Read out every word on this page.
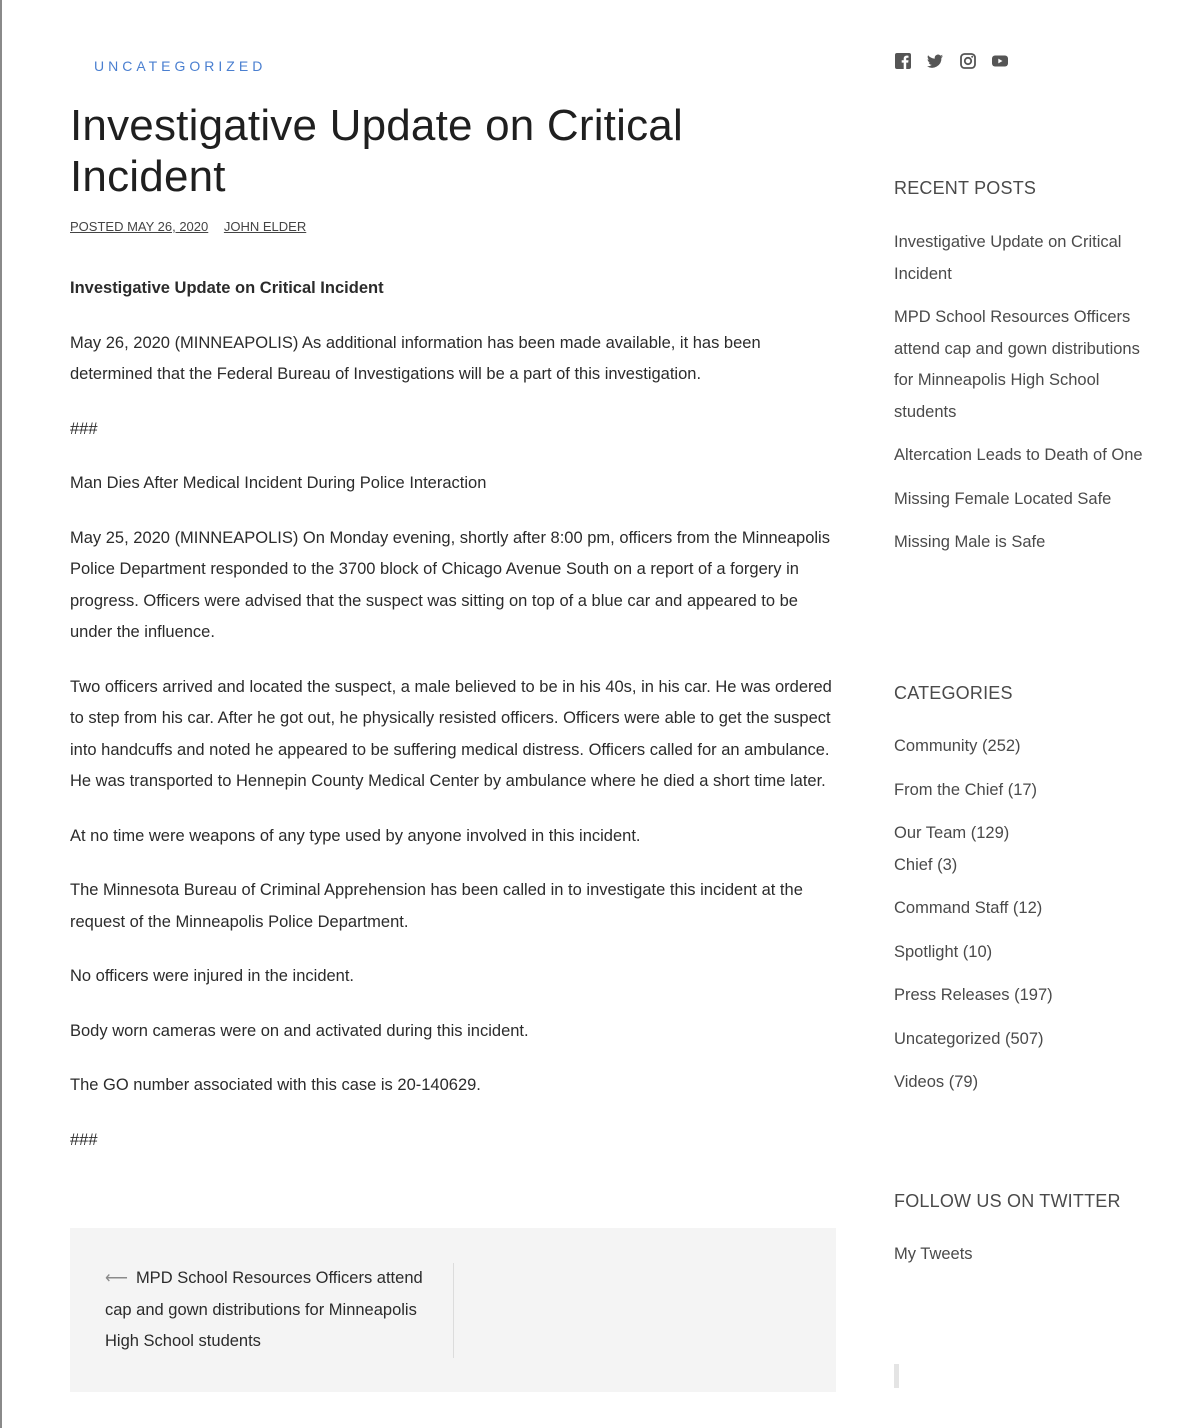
UNCATEGORIZED
Investigative Update on Critical Incident
POSTED MAY 26, 2020 JOHN ELDER

Investigative Update on Critical Incident

May 26, 2020 (MINNEAPOLIS) As additional information has been made available, it has been determined that the Federal Bureau of Investigations will be a part of this investigation.

###

Man Dies After Medical Incident During Police Interaction

May 25, 2020 (MINNEAPOLIS) On Monday evening, shortly after 8:00 pm, officers from the Minneapolis Police Department responded to the 3700 block of Chicago Avenue South on a report of a forgery in progress. Officers were advised that the suspect was sitting on top of a blue car and appeared to be under the influence.

Two officers arrived and located the suspect, a male believed to be in his 40s, in his car. He was ordered to step from his car. After he got out, he physically resisted officers. Officers were able to get the suspect into handcuffs and noted he appeared to be suffering medical distress. Officers called for an ambulance. He was transported to Hennepin County Medical Center by ambulance where he died a short time later.

At no time were weapons of any type used by anyone involved in this incident.

The Minnesota Bureau of Criminal Apprehension has been called in to investigate this incident at the request of the Minneapolis Police Department.

No officers were injured in the incident.

Body worn cameras were on and activated during this incident.

The GO number associated with this case is 20-140629.

###

⟵ MPD School Resources Officers attend cap and gown distributions for Minneapolis High School students

RECENT POSTS
Investigative Update on Critical Incident
MPD School Resources Officers attend cap and gown distributions for Minneapolis High School students
Altercation Leads to Death of One
Missing Female Located Safe
Missing Male is Safe
CATEGORIES
Community (252)
From the Chief (17)
Our Team (129)
Chief (3)
Command Staff (12)
Spotlight (10)
Press Releases (197)
Uncategorized (507)
Videos (79)
FOLLOW US ON TWITTER
My Tweets
